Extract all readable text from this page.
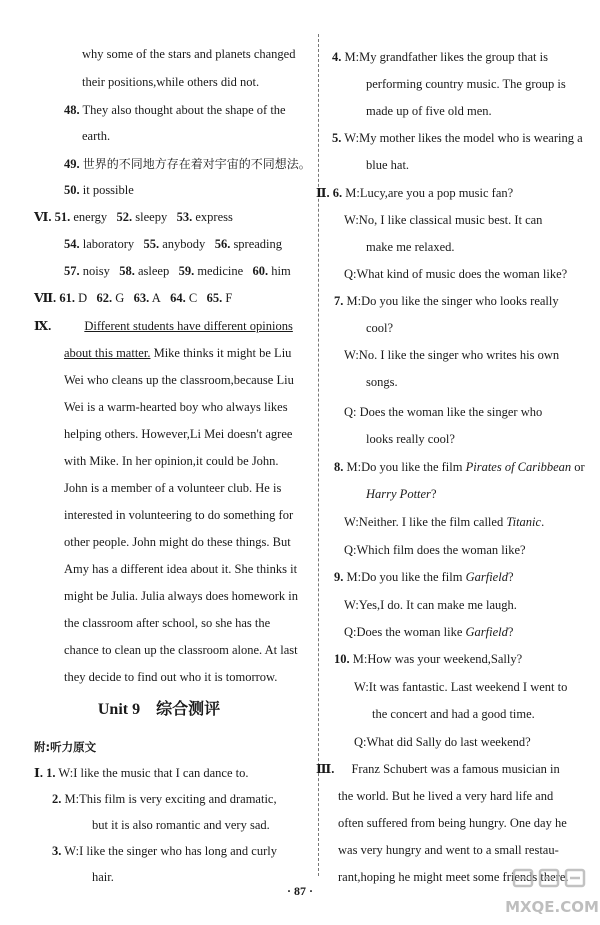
why some of the stars and planets changed
their positions,while others did not.
48. They also thought about the shape of the
earth.
49. 世界的不同地方存在着对宇宙的不同想法。
50. it possible
Ⅵ. 51. energy 52. sleepy 53. express
54. laboratory 55. anybody 56. spreading
57. noisy 58. asleep 59. medicine 60. him
Ⅶ. 61. D 62. G 63. A 64. C 65. F
Ⅸ.	Different students have different opinions
about this matter. Mike thinks it might be Liu
Wei who cleans up the classroom,because Liu
Wei is a warm-hearted boy who always likes
helping others. However,Li Mei doesn't agree
with Mike. In her opinion,it could be John.
John is a member of a volunteer club. He is
interested in volunteering to do something for
other people. John might do these things. But
Amy has a different idea about it. She thinks it
might be Julia. Julia always does homework in
the classroom after school, so she has the
chance to clean up the classroom alone. At last
they decide to find out who it is tomorrow.
Unit 9　综合测评
附:听力原文
Ⅰ. 1. W:I like the music that I can dance to.
2. M:This film is very exciting and dramatic,
but it is also romantic and very sad.
3. W:I like the singer who has long and curly
hair.
4. M:My grandfather likes the group that is
performing country music. The group is
made up of five old men.
5. W:My mother likes the model who is wearing a
blue hat.
Ⅱ. 6. M:Lucy,are you a pop music fan?
W:No, I like classical music best. It can
make me relaxed.
Q:What kind of music does the woman like?
7. M:Do you like the singer who looks really
cool?
W:No. I like the singer who writes his own
songs.
Q: Does the woman like the singer who
looks really cool?
8. M:Do you like the film Pirates of Caribbean or
Harry Potter?
W:Neither. I like the film called Titanic.
Q:Which film does the woman like?
9. M:Do you like the film Garfield?
W:Yes,I do. It can make me laugh.
Q:Does the woman like Garfield?
10. M:How was your weekend,Sally?
W:It was fantastic. Last weekend I went to
the concert and had a good time.
Q:What did Sally do last weekend?
Ⅲ. Franz Schubert was a famous musician in
the world. But he lived a very hard life and
often suffered from being hungry. One day he
was very hungry and went to a small restau-
rant,hoping he might meet some friends there.
· 87 ·
MXQE.COM
